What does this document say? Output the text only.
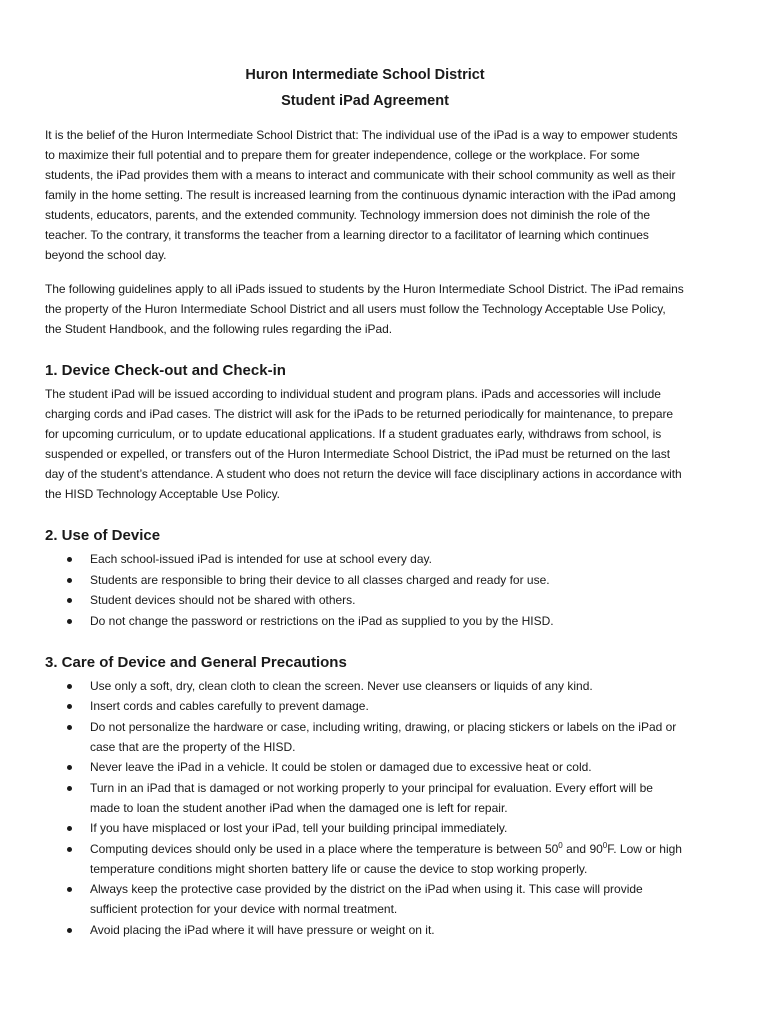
Huron Intermediate School District

Student iPad Agreement

It is the belief of the Huron Intermediate School District that: The individual use of the iPad is a way to empower students to maximize their full potential and to prepare them for greater independence, college or the workplace. For some students, the iPad provides them with a means to interact and communicate with their school community as well as their family in the home setting. The result is increased learning from the continuous dynamic interaction with the iPad among students, educators, parents, and the extended community. Technology immersion does not diminish the role of the teacher. To the contrary, it transforms the teacher from a learning director to a facilitator of learning which continues beyond the school day.

The following guidelines apply to all iPads issued to students by the Huron Intermediate School District. The iPad remains the property of the Huron Intermediate School District and all users must follow the Technology Acceptable Use Policy, the Student Handbook, and the following rules regarding the iPad.

1. Device Check-out and Check-in

The student iPad will be issued according to individual student and program plans. iPads and accessories will include charging cords and iPad cases. The district will ask for the iPads to be returned periodically for maintenance, to prepare for upcoming curriculum, or to update educational applications. If a student graduates early, withdraws from school, is suspended or expelled, or transfers out of the Huron Intermediate School District, the iPad must be returned on the last day of the student’s attendance. A student who does not return the device will face disciplinary actions in accordance with the HISD Technology Acceptable Use Policy.

2. Use of Device
Each school-issued iPad is intended for use at school every day.
Students are responsible to bring their device to all classes charged and ready for use.
Student devices should not be shared with others.
Do not change the password or restrictions on the iPad as supplied to you by the HISD.
3. Care of Device and General Precautions
Use only a soft, dry, clean cloth to clean the screen. Never use cleansers or liquids of any kind.
Insert cords and cables carefully to prevent damage.
Do not personalize the hardware or case, including writing, drawing, or placing stickers or labels on the iPad or case that are the property of the HISD.
Never leave the iPad in a vehicle. It could be stolen or damaged due to excessive heat or cold.
Turn in an iPad that is damaged or not working properly to your principal for evaluation. Every effort will be made to loan the student another iPad when the damaged one is left for repair.
If you have misplaced or lost your iPad, tell your building principal immediately.
Computing devices should only be used in a place where the temperature is between $50^0$ and $90^0F$. Low or high temperature conditions might shorten battery life or cause the device to stop working properly.
Always keep the protective case provided by the district on the iPad when using it. This case will provide sufficient protection for your device with normal treatment.
Avoid placing the iPad where it will have pressure or weight on it.
